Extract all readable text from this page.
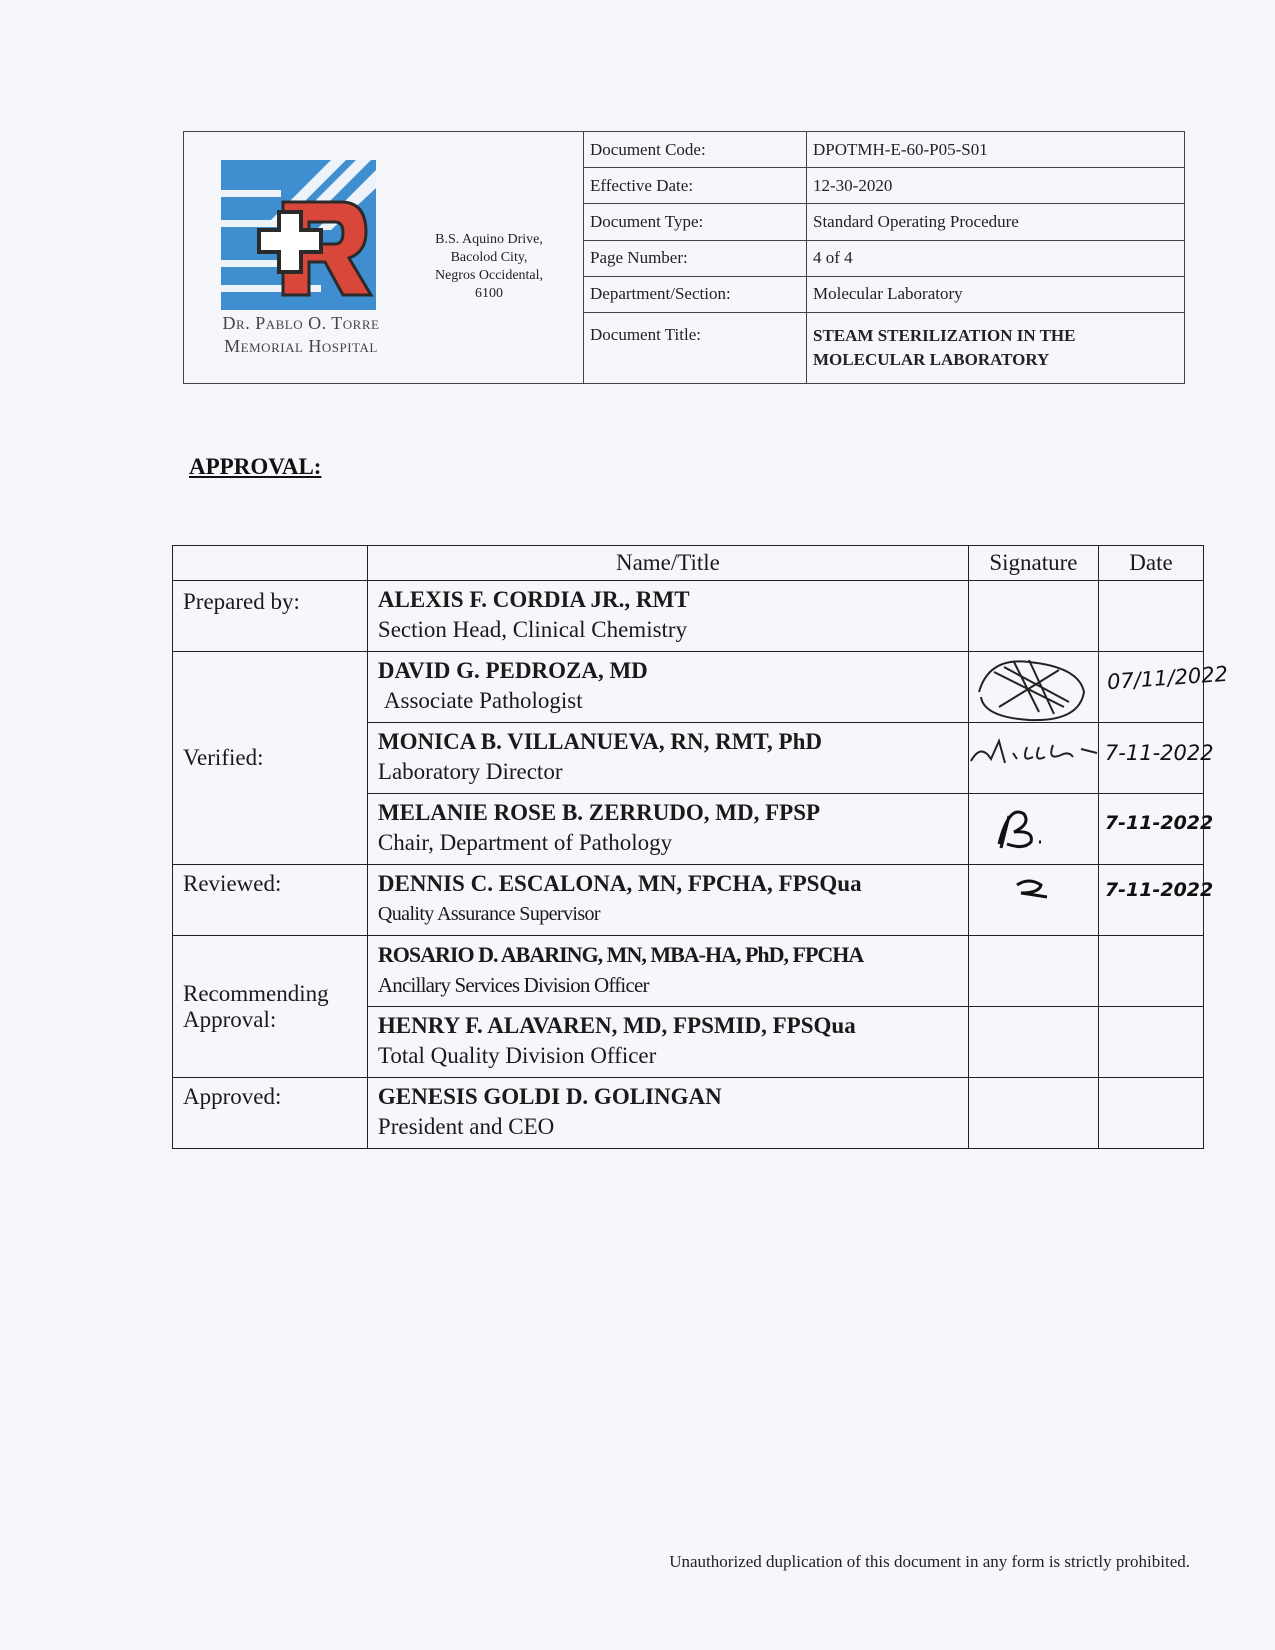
Dr. Pablo O. Torre
Memorial Hospital
B.S. Aquino Drive,
Bacolod City,
Negros Occidental,
6100
Document Code:	DPOTMH-E-60-P05-S01
Effective Date:	12-30-2020
Document Type:	Standard Operating Procedure
Page Number:	4 of 4
Department/Section:	Molecular Laboratory
Document Title:	STEAM STERILIZATION IN THE
MOLECULAR LABORATORY
APPROVAL:
	Name/Title	Signature	Date
Prepared by:	ALEXIS F. CORDIA JR., RMT
Section Head, Clinical Chemistry		

Verified:	DAVID G. PEDROZA, MD
Associate Pathologist		07/11/2022

	MONICA B. VILLANUEVA, RN, RMT, PhD
Laboratory Director		7-11-2022

	MELANIE ROSE B. ZERRUDO, MD, FPSP
Chair, Department of Pathology		7-11-2022

Reviewed:	DENNIS C. ESCALONA, MN, FPCHA, FPSQua
Quality Assurance Supervisor		7-11-2022

Recommending
Approval:	ROSARIO D. ABARING, MN, MBA-HA, PhD, FPCHA
Ancillary Services Division Officer		

	HENRY F. ALAVAREN, MD, FPSMID, FPSQua
Total Quality Division Officer		

Approved:	GENESIS GOLDI D. GOLINGAN
President and CEO		

Unauthorized duplication of this document in any form is strictly prohibited.
